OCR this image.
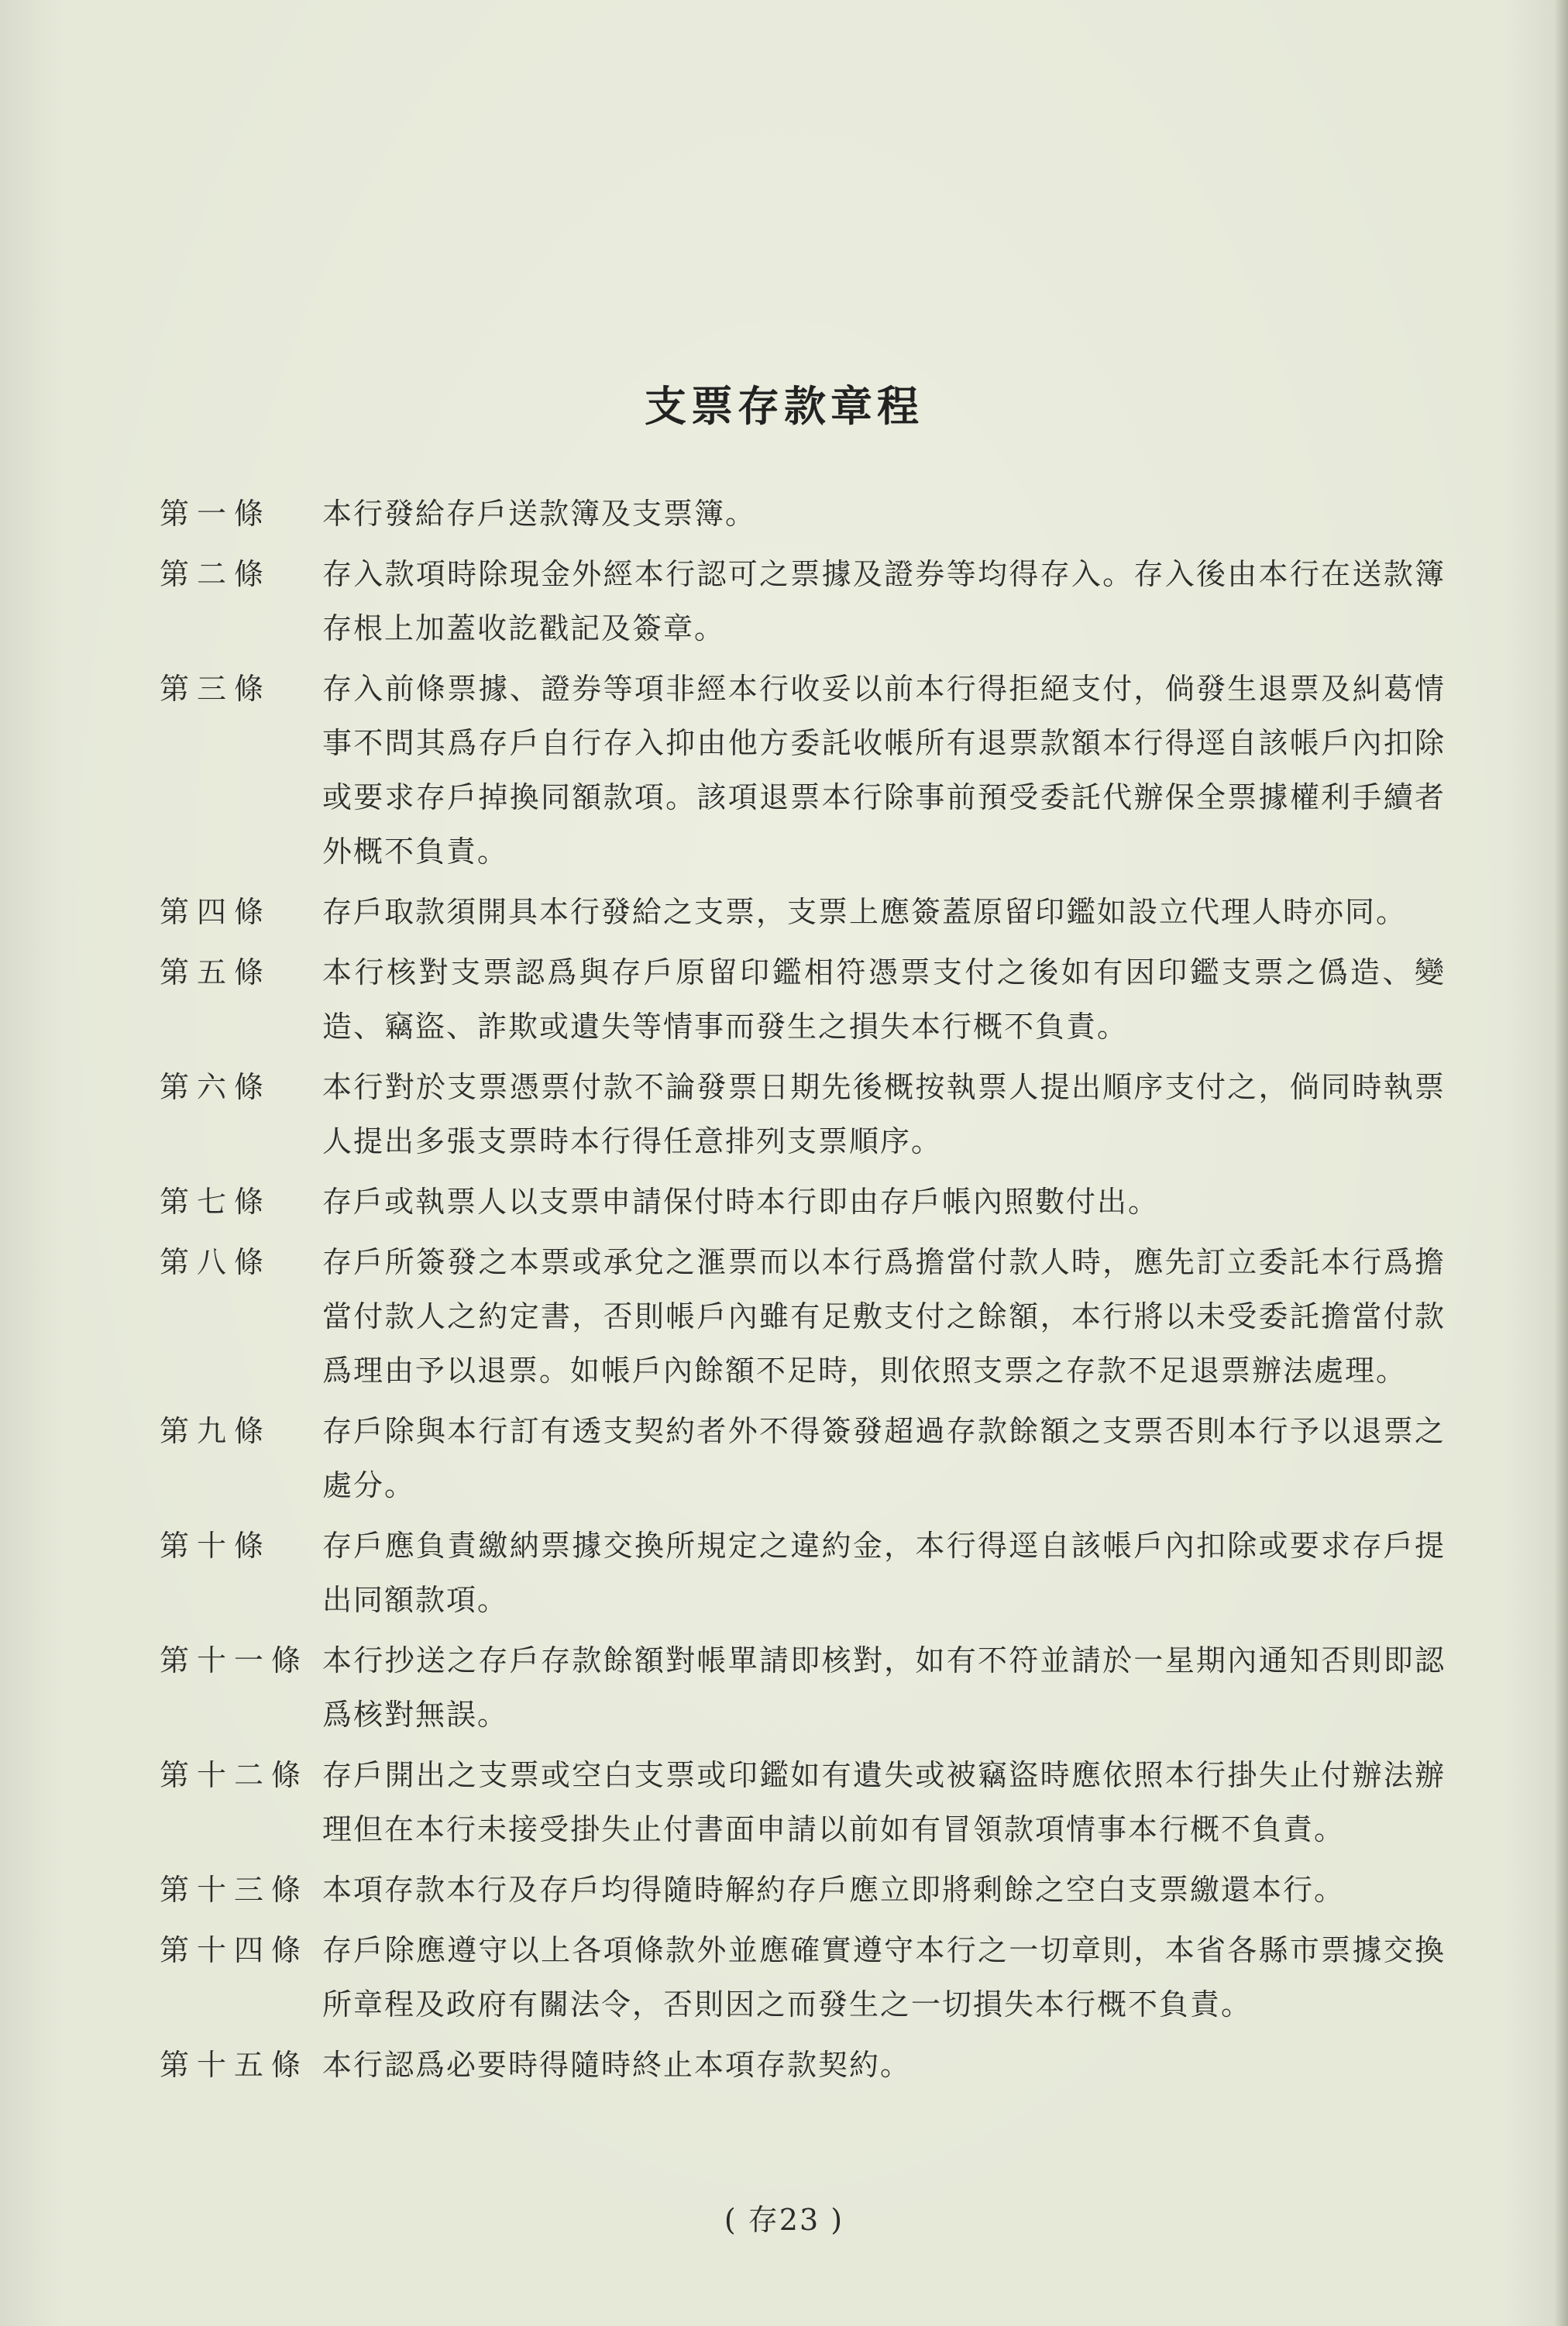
支票存款章程
第一條	本行發給存戶送款簿及支票簿。
第二條	存入款項時除現金外經本行認可之票據及證券等均得存入。存入後由本行在送款簿存根上加蓋收訖戳記及簽章。
第三條	存入前條票據、證券等項非經本行收妥以前本行得拒絕支付，倘發生退票及糾葛情事不問其爲存戶自行存入抑由他方委託收帳所有退票款額本行得逕自該帳戶內扣除或要求存戶掉換同額款項。該項退票本行除事前預受委託代辦保全票據權利手續者外概不負責。
第四條	存戶取款須開具本行發給之支票，支票上應簽蓋原留印鑑如設立代理人時亦同。
第五條	本行核對支票認爲與存戶原留印鑑相符憑票支付之後如有因印鑑支票之僞造、變造、竊盜、詐欺或遺失等情事而發生之損失本行概不負責。
第六條	本行對於支票憑票付款不論發票日期先後概按執票人提出順序支付之，倘同時執票人提出多張支票時本行得任意排列支票順序。
第七條	存戶或執票人以支票申請保付時本行即由存戶帳內照數付出。
第八條	存戶所簽發之本票或承兌之滙票而以本行爲擔當付款人時，應先訂立委託本行爲擔當付款人之約定書，否則帳戶內雖有足敷支付之餘額，本行將以未受委託擔當付款爲理由予以退票。如帳戶內餘額不足時，則依照支票之存款不足退票辦法處理。
第九條	存戶除與本行訂有透支契約者外不得簽發超過存款餘額之支票否則本行予以退票之處分。
第十條	存戶應負責繳納票據交換所規定之違約金，本行得逕自該帳戶內扣除或要求存戶提出同額款項。
第十一條 本行抄送之存戶存款餘額對帳單請即核對，如有不符並請於一星期內通知否則即認爲核對無誤。
第十二條 存戶開出之支票或空白支票或印鑑如有遺失或被竊盜時應依照本行掛失止付辦法辦理但在本行未接受掛失止付書面申請以前如有冒領款項情事本行概不負責。
第十三條 本項存款本行及存戶均得隨時解約存戶應立即將剩餘之空白支票繳還本行。
第十四條 存戶除應遵守以上各項條款外並應確實遵守本行之一切章則，本省各縣市票據交換所章程及政府有關法令，否則因之而發生之一切損失本行概不負責。
第十五條 本行認爲必要時得隨時終止本項存款契約。
( 存23 )
